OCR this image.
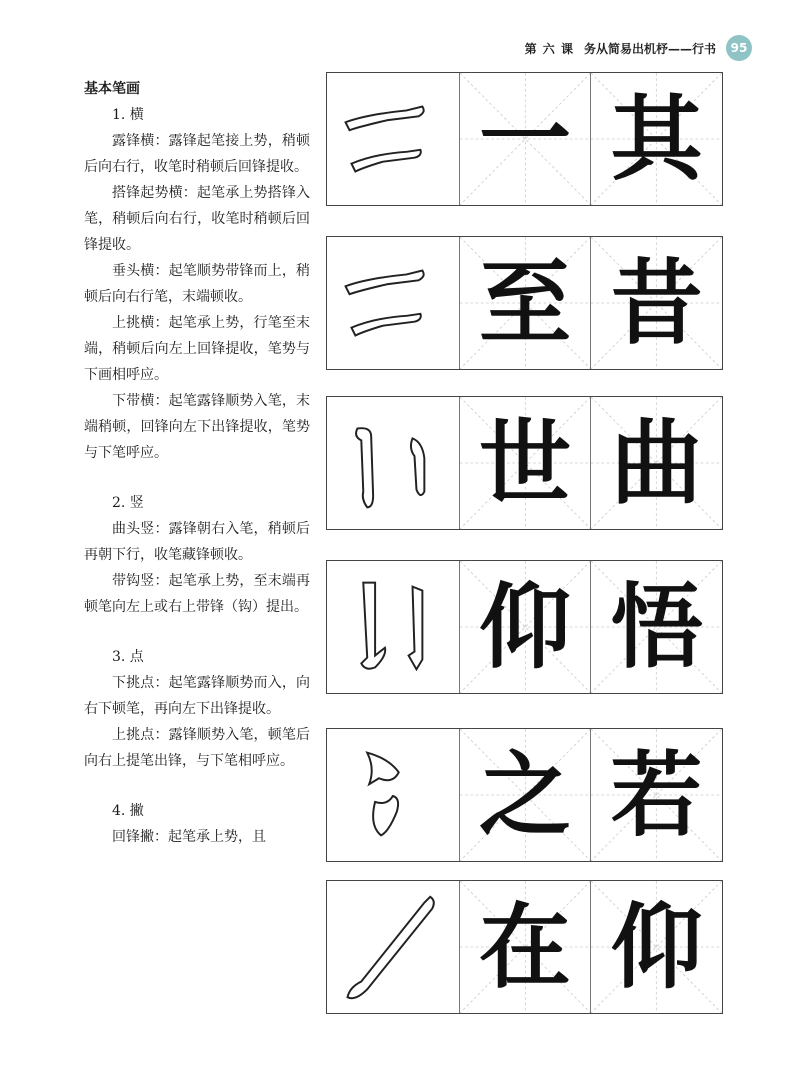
第 六 课 务从简易出机杼——行书	95

基本笔画

1. 横

露锋横：露锋起笔接上势，稍顿后向右行，收笔时稍顿后回锋提收。

搭锋起势横：起笔承上势搭锋入笔，稍顿后向右行，收笔时稍顿后回锋提收。

垂头横：起笔顺势带锋而上，稍顿后向右行笔，末端顿收。

上挑横：起笔承上势，行笔至末端，稍顿后向左上回锋提收，笔势与下画相呼应。

下带横：起笔露锋顺势入笔，末端稍顿，回锋向左下出锋提收，笔势与下笔呼应。

2. 竖

曲头竖：露锋朝右入笔，稍顿后再朝下行，收笔藏锋顿收。

带钩竖：起笔承上势，至末端再顿笔向左上或右上带锋（钩）提出。

3. 点

下挑点：起笔露锋顺势而入，向右下顿笔，再向左下出锋提收。

上挑点：露锋顺势入笔，顿笔后向右上提笔出锋，与下笔相呼应。

4. 撇

回锋撇：起笔承上势，且

一 其
至 昔
世 曲
仰 悟
之 若
在 仰
